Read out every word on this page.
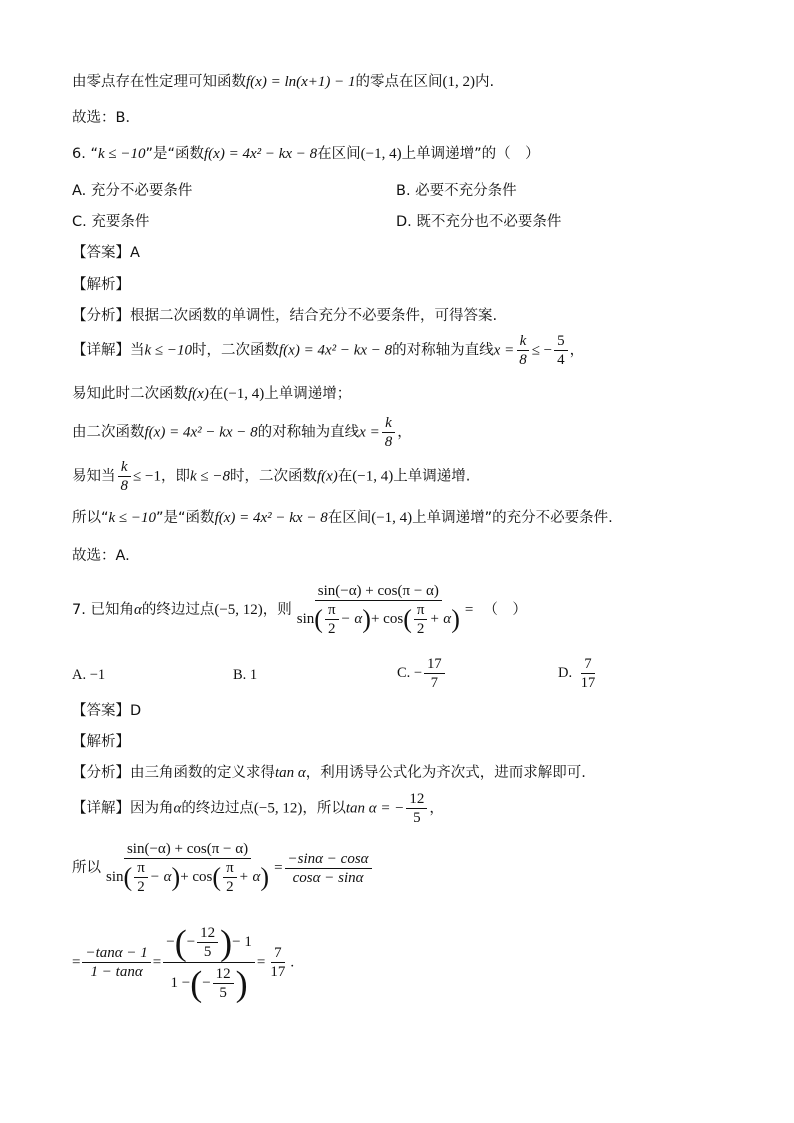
由零点存在性定理可知函数f(x) = ln(x+1) − 1的零点在区间(1, 2)内.
故选：B．
6. “k ≤ −10”是“函数f(x) = 4x² − kx − 8在区间(−1, 4)上单调递增”的（　）
A. 充分不必要条件	B. 必要不充分条件
C. 充要条件	D. 既不充分也不必要条件
【答案】A
【解析】
【分析】根据二次函数的单调性，结合充分不必要条件，可得答案.
【详解】当k ≤ −10时，二次函数f(x) = 4x² − kx − 8的对称轴为直线$x = \frac{k}{8}$ ≤ − $\frac{5}{4}$ ，
易知此时二次函数f(x)在(−1, 4)上单调递增；
由二次函数f(x) = 4x² − kx − 8的对称轴为直线$x = \frac{k}{8}$ ，
易知当 $\frac{k}{8} \le -1$，即k ≤ −8时，二次函数f(x)在(−1, 4)上单调递增.
所以“k ≤ −10”是“函数f(x) = 4x² − kx − 8在区间(−1, 4)上单调递增”的充分不必要条件.
故选：A.
7. 已知角α的终边过点(−5, 12)，则 $\frac{\sin(-\alpha) + \cos(\pi - \alpha)}{\sin( \frac{\pi}{2} - \alpha)+ \cos( \frac{\pi}{2} + \alpha)}$ = （　）
A. −1	B. 1	C. − $\frac{17}{7}$	D. $\frac{7}{17}$
【答案】D
【解析】
【分析】由三角函数的定义求得tan α，利用诱导公式化为齐次式，进而求解即可.
【详解】因为角α的终边过点(−5, 12)，所以tan α = − $\frac{12}{5}$ ，
所以 $\frac{\sin(-\alpha) + \cos(\pi - \alpha)}{\sin( \frac{\pi}{2} - \alpha)+ \cos( \frac{\pi}{2} + \alpha)} = \frac{-\sin\alpha - \cos\alpha}{\cos\alpha - \sin\alpha}$
= $\frac{-\tan\alpha - 1}{1 - \tan\alpha} = \frac{-(- \frac{12}{5} )- 1}{1 -(- \frac{12}{5} )} = \frac{7}{17}$ .
